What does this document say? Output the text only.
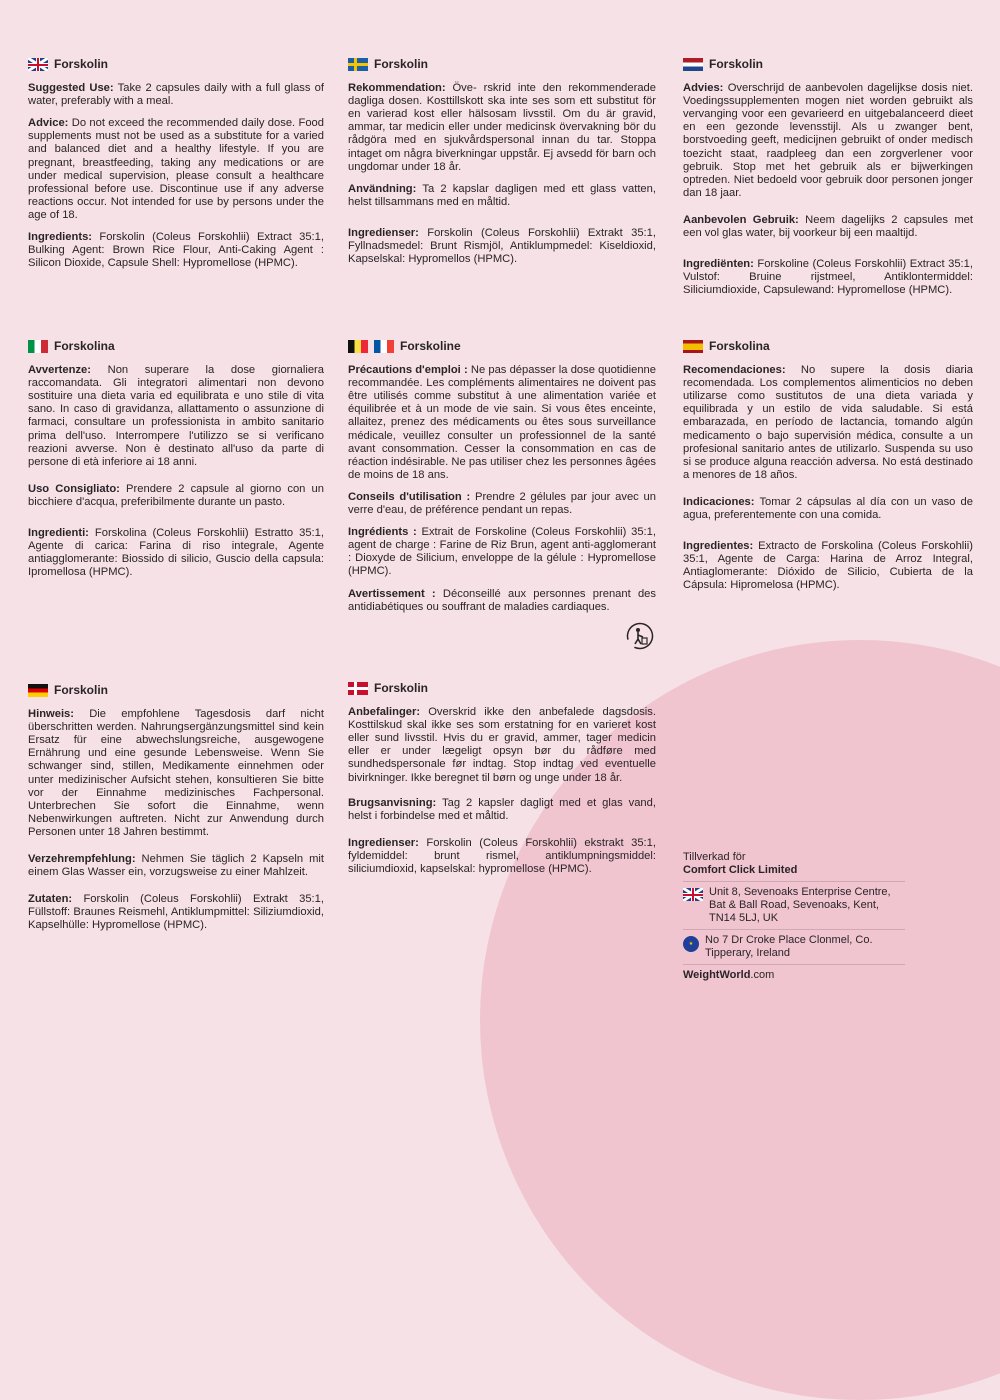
Forskolin

Suggested Use: Take 2 capsules daily with a full glass of water, preferably with a meal.

Advice: Do not exceed the recommended daily dose. Food supplements must not be used as a substitute for a varied and balanced diet and a healthy lifestyle. If you are pregnant, breastfeeding, taking any medications or are under medical supervision, please consult a healthcare professional before use. Discontinue use if any adverse reactions occur. Not intended for use by persons under the age of 18.

Ingredients: Forskolin (Coleus Forskohlii) Extract 35:1, Bulking Agent: Brown Rice Flour, Anti-Caking Agent : Silicon Dioxide, Capsule Shell: Hypromellose (HPMC).

Forskolin

Rekommendation: Öve- rskrid inte den rekommenderade dagliga dosen. Kosttillskott ska inte ses som ett substitut för en varierad kost eller hälsosam livsstil. Om du är gravid, ammar, tar medicin eller under medicinsk övervakning bör du rådgöra med en sjukvårdspersonal innan du tar. Stoppa intaget om några biverkningar uppstår. Ej avsedd för barn och ungdomar under 18 år.

Användning: Ta 2 kapslar dagligen med ett glass vatten, helst tillsammans med en måltid.

Ingredienser: Forskolin (Coleus Forskohlii) Extrakt 35:1, Fyllnadsmedel: Brunt Rismjöl, Antiklumpmedel: Kiseldioxid, Kapselskal: Hypromellos (HPMC).

Forskolin

Advies: Overschrijd de aanbevolen dagelijkse dosis niet. Voedingssupplementen mogen niet worden gebruikt als vervanging voor een gevarieerd en uitgebalanceerd dieet en een gezonde levensstijl. Als u zwanger bent, borstvoeding geeft, medicijnen gebruikt of onder medisch toezicht staat, raadpleeg dan een zorgverlener voor gebruik. Stop met het gebruik als er bijwerkingen optreden. Niet bedoeld voor gebruik door personen jonger dan 18 jaar.

Aanbevolen Gebruik: Neem dagelijks 2 capsules met een vol glas water, bij voorkeur bij een maaltijd.

Ingrediënten: Forskoline (Coleus Forskohlii) Extract 35:1, Vulstof: Bruine rijstmeel, Antiklontermiddel: Siliciumdioxide, Capsulewand: Hypromellose (HPMC).

Forskolina

Avvertenze: Non superare la dose giornaliera raccomandata. Gli integratori alimentari non devono sostituire una dieta varia ed equilibrata e uno stile di vita sano. In caso di gravidanza, allattamento o assunzione di farmaci, consultare un professionista in ambito sanitario prima dell'uso. Interrompere l'utilizzo se si verificano reazioni avverse. Non è destinato all'uso da parte di persone di età inferiore ai 18 anni.

Uso Consigliato: Prendere 2 capsule al giorno con un bicchiere d'acqua, preferibilmente durante un pasto.

Ingredienti: Forskolina (Coleus Forskohlii) Estratto 35:1, Agente di carica: Farina di riso integrale, Agente antiagglomerante: Biossido di silicio, Guscio della capsula: Ipromellosa (HPMC).

Forskoline

Précautions d'emploi : Ne pas dépasser la dose quotidienne recommandée. Les compléments alimentaires ne doivent pas être utilisés comme substitut à une alimentation variée et équilibrée et à un mode de vie sain. Si vous êtes enceinte, allaitez, prenez des médicaments ou êtes sous surveillance médicale, veuillez consulter un professionnel de la santé avant consommation. Cesser la consommation en cas de réaction indésirable. Ne pas utiliser chez les personnes âgées de moins de 18 ans.

Conseils d'utilisation : Prendre 2 gélules par jour avec un verre d'eau, de préférence pendant un repas.

Ingrédients : Extrait de Forskoline (Coleus Forskohlii) 35:1, agent de charge : Farine de Riz Brun, agent anti-agglomerant : Dioxyde de Silicium, enveloppe de la gélule : Hypromellose (HPMC).

Avertissement : Déconseillé aux personnes prenant des antidiabétiques ou souffrant de maladies cardiaques.

Forskolina

Recomendaciones: No supere la dosis diaria recomendada. Los complementos alimenticios no deben utilizarse como sustitutos de una dieta variada y equilibrada y un estilo de vida saludable. Si está embarazada, en período de lactancia, tomando algún medicamento o bajo supervisión médica, consulte a un profesional sanitario antes de utilizarlo. Suspenda su uso si se produce alguna reacción adversa. No está destinado a menores de 18 años.

Indicaciones: Tomar 2 cápsulas al día con un vaso de agua, preferentemente con una comida.

Ingredientes: Extracto de Forskolina (Coleus Forskohlii) 35:1, Agente de Carga: Harina de Arroz Integral, Antiaglomerante: Dióxido de Silicio, Cubierta de la Cápsula: Hipromelosa (HPMC).

Forskolin

Hinweis: Die empfohlene Tagesdosis darf nicht überschritten werden. Nahrungsergänzungsmittel sind kein Ersatz für eine abwechslungsreiche, ausgewogene Ernährung und eine gesunde Lebensweise. Wenn Sie schwanger sind, stillen, Medikamente einnehmen oder unter medizinischer Aufsicht stehen, konsultieren Sie bitte vor der Einnahme medizinisches Fachpersonal. Unterbrechen Sie sofort die Einnahme, wenn Nebenwirkungen auftreten. Nicht zur Anwendung durch Personen unter 18 Jahren bestimmt.

Verzehrempfehlung: Nehmen Sie täglich 2 Kapseln mit einem Glas Wasser ein, vorzugsweise zu einer Mahlzeit.

Zutaten: Forskolin (Coleus Forskohlii) Extrakt 35:1, Füllstoff: Braunes Reismehl, Antiklumpmittel: Siliziumdioxid, Kapselhülle: Hypromellose (HPMC).

Forskolin

Anbefalinger: Overskrid ikke den anbefalede dagsdosis. Kosttilskud skal ikke ses som erstatning for en varieret kost eller sund livsstil. Hvis du er gravid, ammer, tager medicin eller er under lægeligt opsyn bør du rådføre med sundhedspersonale før indtag. Stop indtag ved eventuelle bivirkninger. Ikke beregnet til børn og unge under 18 år.

Brugsanvisning: Tag 2 kapsler dagligt med et glas vand, helst i forbindelse med et måltid.

Ingredienser: Forskolin (Coleus Forskohlii) ekstrakt 35:1, fyldemiddel: brunt rismel, antiklumpningsmiddel: siliciumdioxid, kapselskal: hypromellose (HPMC).

Tillverkad för
Comfort Click Limited
Unit 8, Sevenoaks Enterprise Centre, Bat & Ball Road, Sevenoaks, Kent, TN14 5LJ, UK
★	No 7 Dr Croke Place Clonmel, Co. Tipperary, Ireland
WeightWorld.com
